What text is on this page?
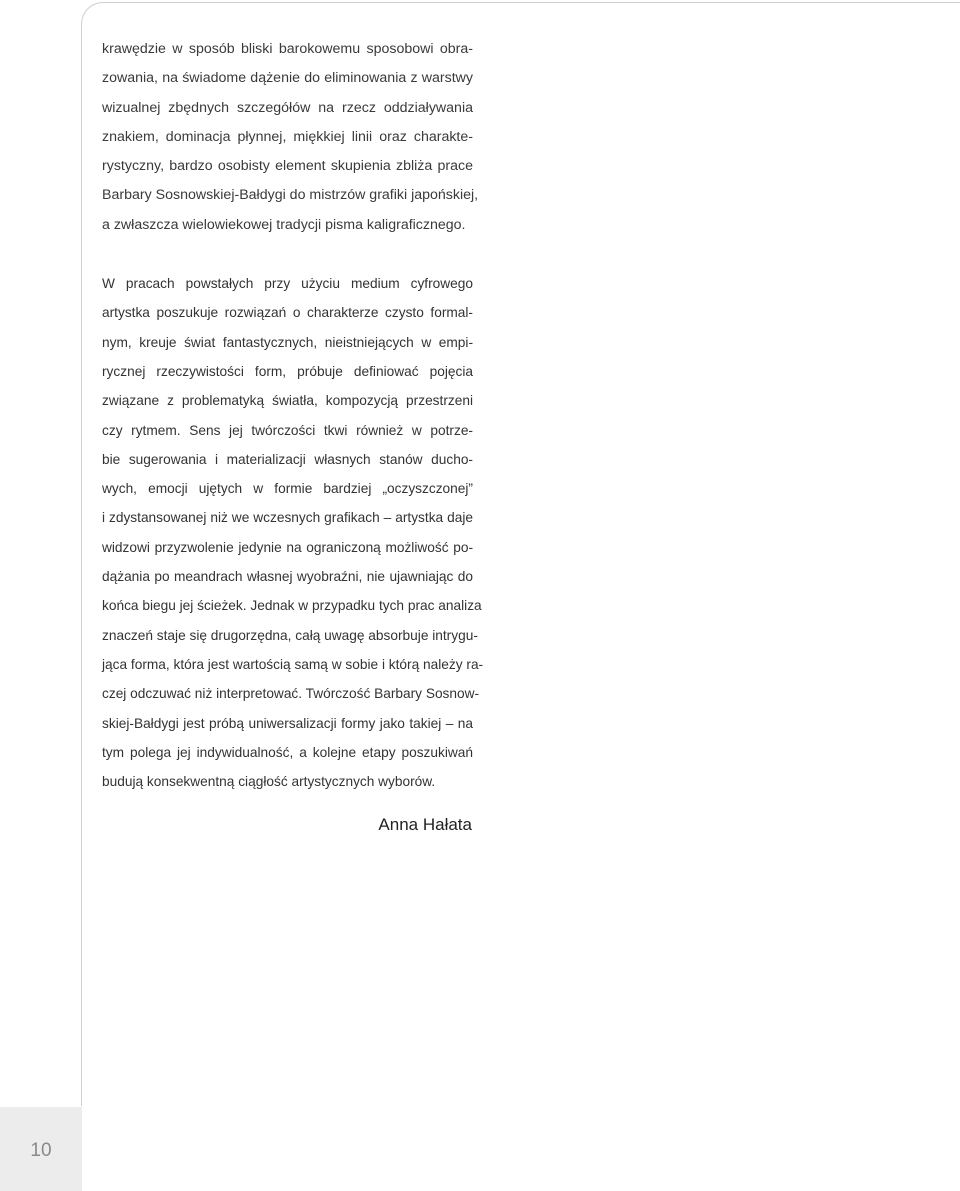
krawędzie w sposób bliski barokowemu sposobowi obra-
zowania, na świadome dążenie do eliminowania z warstwy
wizualnej zbędnych szczegółów na rzecz oddziaływania
znakiem, dominacja płynnej, miękkiej linii oraz charakte-
rystyczny, bardzo osobisty element skupienia zbliża prace
Barbary Sosnowskiej-Bałdygi do mistrzów grafiki japońskiej,
a zwłaszcza wielowiekowej tradycji pisma kaligraficznego.

W pracach powstałych przy użyciu medium cyfrowego
artystka poszukuje rozwiązań o charakterze czysto formal-
nym, kreuje świat fantastycznych, nieistniejących w empi-
rycznej rzeczywistości form, próbuje definiować pojęcia
związane z problematyką światła, kompozycją przestrzeni
czy rytmem. Sens jej twórczości tkwi również w potrze-
bie sugerowania i materializacji własnych stanów ducho-
wych, emocji ujętych w formie bardziej „oczyszczonej”
i zdystansowanej niż we wczesnych grafikach – artystka daje
widzowi przyzwolenie jedynie na ograniczoną możliwość po-
dążania po meandrach własnej wyobraźni, nie ujawniając do
końca biegu jej ścieżek. Jednak w przypadku tych prac analiza
znaczeń staje się drugorzędna, całą uwagę absorbuje intrygu-
jąca forma, która jest wartością samą w sobie i którą należy ra-
czej odczuwać niż interpretować. Twórczość Barbary Sosnow-
skiej-Bałdygi jest próbą uniwersalizacji formy jako takiej – na
tym polega jej indywidualność, a kolejne etapy poszukiwań
budują konsekwentną ciągłość artystycznych wyborów.

Anna Hałata
10
